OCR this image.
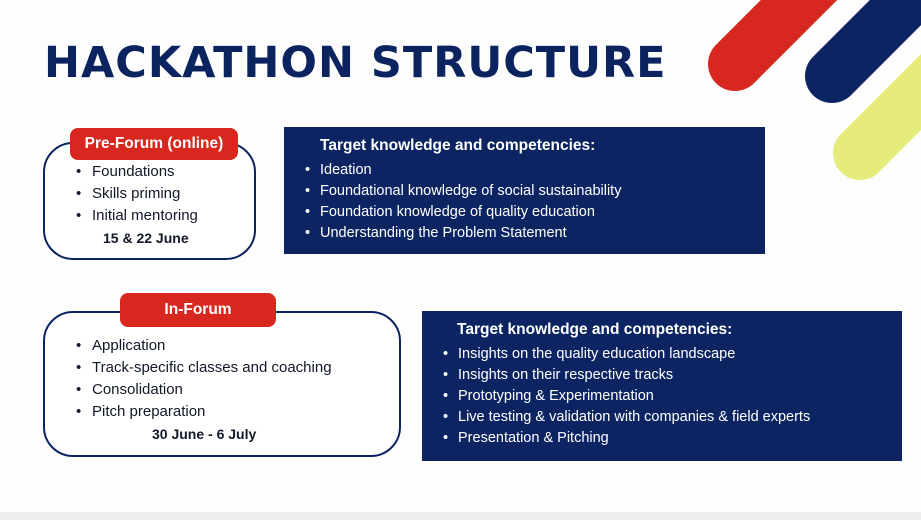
HACKATHON STRUCTURE
Pre-Forum (online)
• Foundations
• Skills priming
• Initial mentoring
15 & 22 June
Target knowledge and competencies:
• Ideation
• Foundational knowledge of social sustainability
• Foundation knowledge of quality education
• Understanding the Problem Statement
In-Forum
• Application
• Track-specific classes and coaching
• Consolidation
• Pitch preparation
30 June - 6 July
Target knowledge and competencies:
• Insights on the quality education landscape
• Insights on their respective tracks
• Prototyping & Experimentation
• Live testing & validation with companies & field experts
• Presentation & Pitching
